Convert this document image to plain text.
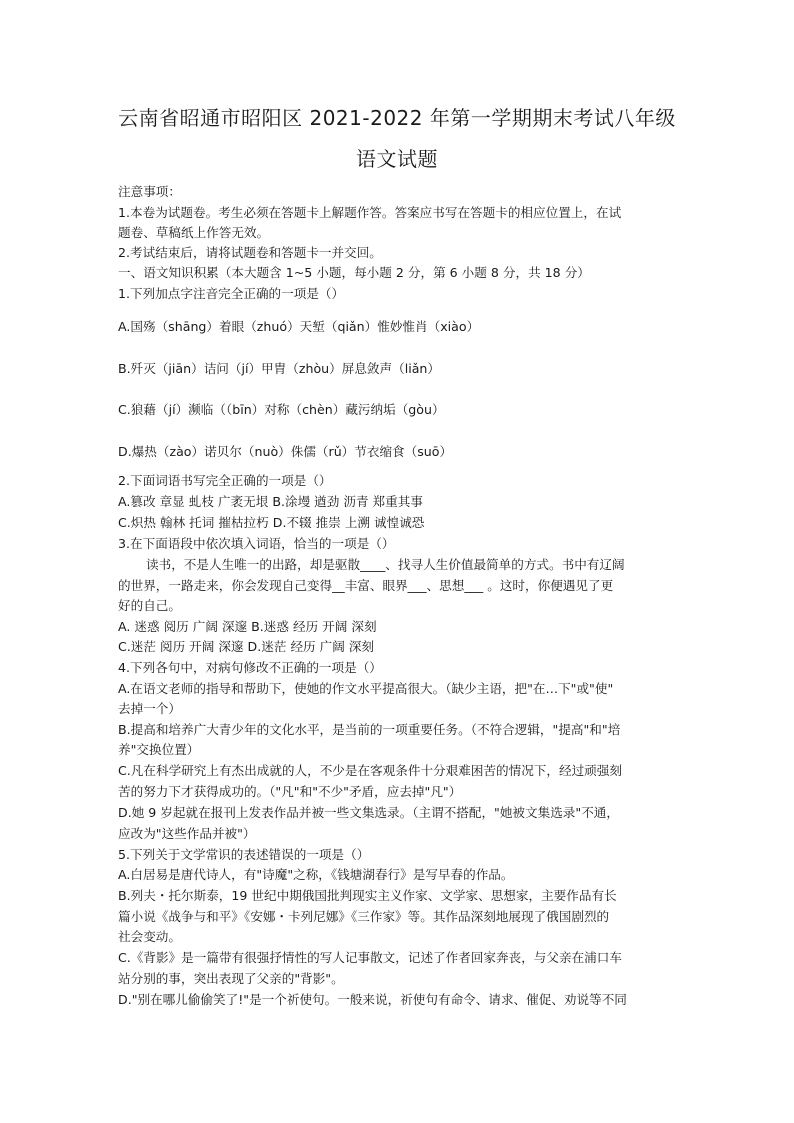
云南省昭通市昭阳区 2021-2022 年第一学期期末考试八年级
语文试题
注意事项：
1.本卷为试题卷。考生必须在答题卡上解题作答。答案应书写在答题卡的相应位置上，在试
题卷、草稿纸上作答无效。
2.考试结束后，请将试题卷和答题卡一并交回。
一、语文知识积累（本大题含 1~5 小题，每小题 2 分，第 6 小题 8 分，共 18 分）
1.下列加点字注音完全正确的一项是（）
A.国殇（shāng）着眼（zhuó）天堑（qiǎn）惟妙惟肖（xiào）
B.歼灭（jiān）诘问（jí）甲胄（zhòu）屏息敛声（liǎn）
C.狼藉（jí）濒临（（bīn）对称（chèn）藏污纳垢（gòu）
D.爆热（zào）诺贝尔（nuò）侏儒（rǔ）节衣缩食（suō）
2.下面词语书写完全正确的一项是（）
A.篡改 章显 虬枝 广袤无垠 B.涂墁 遒劲 沥青 郑重其事
C.炽热 翰林 托词 摧枯拉朽 D.不辍 推崇 上溯 诚惶诚恐
3.在下面语段中依次填入词语，恰当的一项是（）
读书，不是人生唯一的出路，却是驱散____、找寻人生价值最简单的方式。书中有辽阔
的世界，一路走来，你会发现自己变得__丰富、眼界___、思想___ 。这时，你便遇见了更
好的自己。
A. 迷惑 阅历 广阔 深邃 B.迷惑 经历 开阔 深刻
C.迷茫 阅历 开阔 深邃 D.迷茫 经历 广阔 深刻
4.下列各句中，对病句修改不正确的一项是（）
A.在语文老师的指导和帮助下，使她的作文水平提高很大。（缺少主语，把"在…下"或"使"
去掉一个）
B.提高和培养广大青少年的文化水平，是当前的一项重要任务。（不符合逻辑，"提高"和"培
养"交换位置）
C.凡在科学研究上有杰出成就的人，不少是在客观条件十分艰难困苦的情况下，经过顽强刻
苦的努力下才获得成功的。（"凡"和"不少"矛盾，应去掉"凡"）
D.她 9 岁起就在报刊上发表作品并被一些文集选录。（主谓不搭配，"她被文集选录"不通，
应改为"这些作品并被"）
5.下列关于文学常识的表述错误的一项是（）
A.白居易是唐代诗人，有"诗魔"之称，《钱塘湖春行》是写早春的作品。
B.列夫・托尔斯泰，19 世纪中期俄国批判现实主义作家、文学家、思想家，主要作品有长
篇小说《战争与和平》《安娜・卡列尼娜》《三作家》等。其作品深刻地展现了俄国剧烈的
社会变动。
C.《背影》是一篇带有很强抒情性的写人记事散文，记述了作者回家奔丧，与父亲在浦口车
站分别的事，突出表现了父亲的"背影"。
D."别在哪儿偷偷笑了!"是一个祈使句。一般来说，祈使句有命令、请求、催促、劝说等不同
